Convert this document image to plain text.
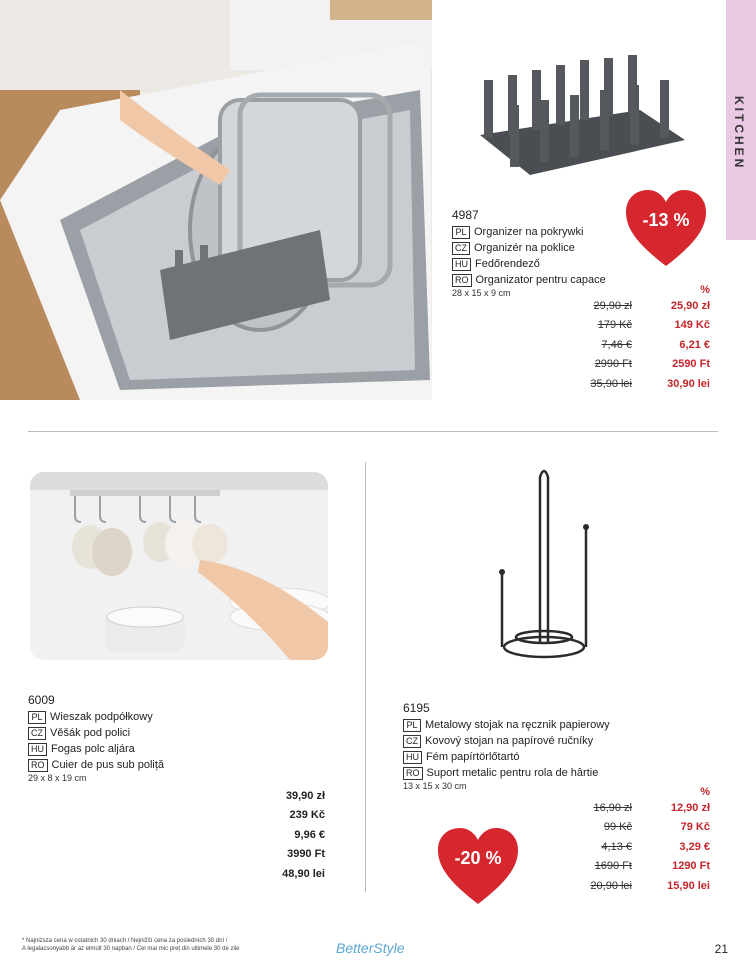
KITCHEN
-13 %
4987
PL Organizer na pokrywki
CZ Organizér na poklice
HU Fedőrendező
RO Organizator pentru capace
28 x 15 x 9 cm	%
29,90 zł	25,90 zł
179 Kč	149 Kč
7,46 €	6,21 €
2990 Ft	2590 Ft
35,90 lei	30,90 lei
6009
PL Wieszak podpółkowy
CZ Věšák pod polici
HU Fogas polc aljára
RO Cuier de pus sub poliță
29 x 8 x 19 cm
39,90 zł
239 Kč
9,96 €
3990 Ft
48,90 lei
6195
PL Metalowy stojak na ręcznik papierowy
CZ Kovový stojan na papírové ručníky
HU Fém papírtörlőtartó
RO Suport metalic pentru rola de hârtie
13 x 15 x 30 cm
-20 %
%
16,90 zł	12,90 zł
99 Kč	79 Kč
4,13 €	3,29 €
1690 Ft	1290 Ft
20,90 lei	15,90 lei
* Najniższa cena w ostatnich 30 dniach / Nejnižší cena za posledních 30 dní /
A legalacsonyabb ár az elmúlt 30 napban / Cel mai mic preț din ultimele 30 de zile	BetterStyle	21
